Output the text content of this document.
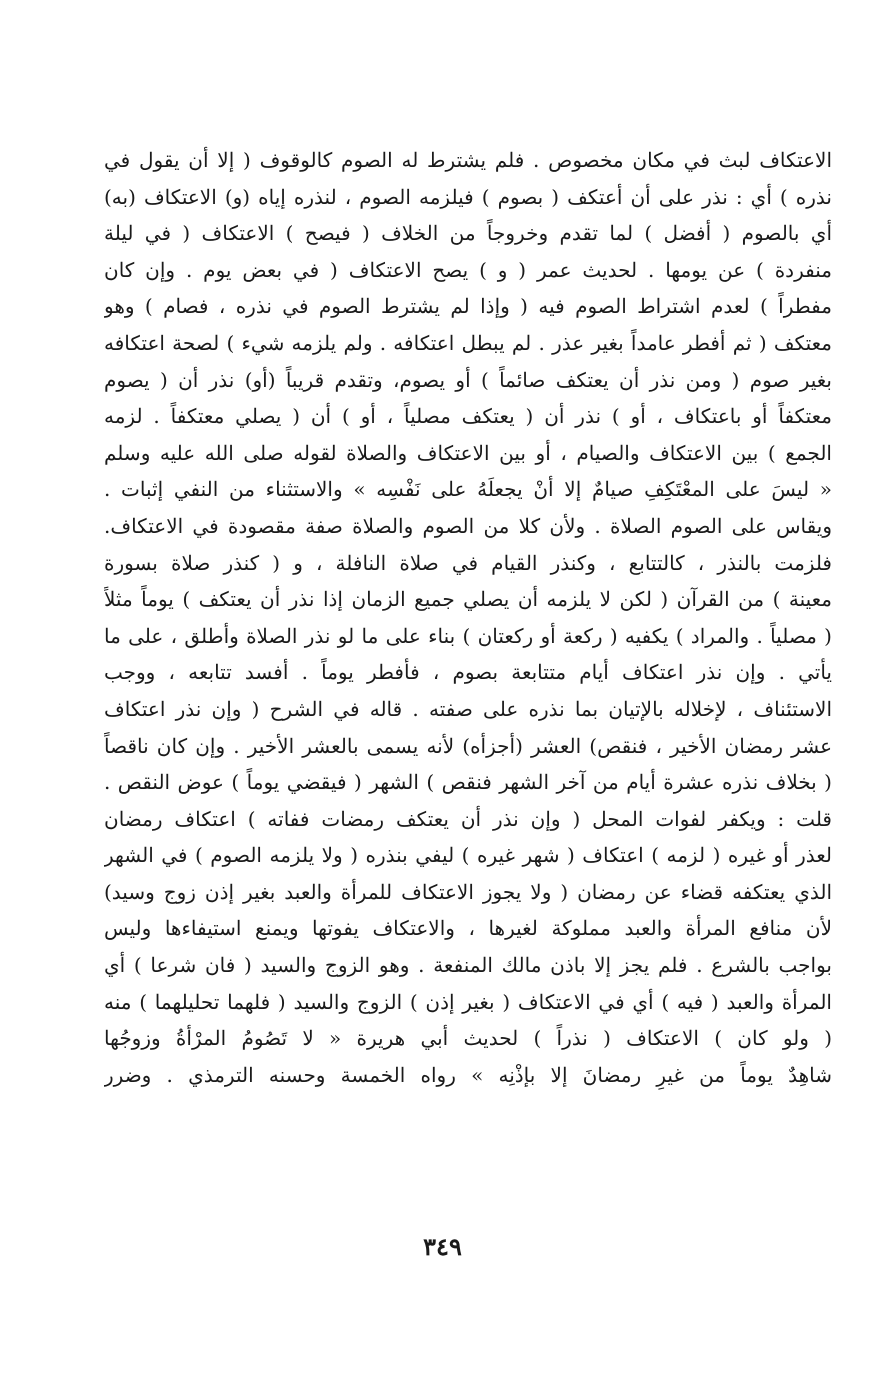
الاعتكاف لبث في مكان مخصوص . فلم يشترط له الصوم كالوقوف ( إلا أن يقول في
نذره ) أي : نذر على أن أعتكف ( بصوم ) فيلزمه الصوم ، لنذره إياه (و) الاعتكاف (به)
أي بالصوم ( أفضل ) لما تقدم وخروجاً من الخلاف ( فيصح ) الاعتكاف ( في ليلة
منفردة ) عن يومها . لحديث عمر ( و ) يصح الاعتكاف ( في بعض يوم . وإن كان
مفطراً ) لعدم اشتراط الصوم فيه ( وإذا لم يشترط الصوم في نذره ، فصام ) وهو
معتكف ( ثم أفطر عامداً بغير عذر . لم يبطل اعتكافه . ولم يلزمه شيء ) لصحة اعتكافه
بغير صوم ( ومن نذر أن يعتكف صائماً ) أو يصوم، وتقدم قريباً (أو) نذر أن ( يصوم
معتكفاً أو باعتكاف ، أو ) نذر أن ( يعتكف مصلياً ، أو ) أن ( يصلي معتكفاً . لزمه
الجمع ) بين الاعتكاف والصيام ، أو بين الاعتكاف والصلاة لقوله صلى الله عليه وسلم
« ليسَ على المعْتَكِفِ صيامٌ إلا أنْ يجعلَهُ على نَفْسِه » والاستثناء من النفي إثبات .
ويقاس على الصوم الصلاة . ولأن كلا من الصوم والصلاة صفة مقصودة في الاعتكاف.
فلزمت بالنذر ، كالتتابع ، وكنذر القيام في صلاة النافلة ، و ( كنذر صلاة بسورة
معينة ) من القرآن ( لكن لا يلزمه أن يصلي جميع الزمان إذا نذر أن يعتكف ) يوماً مثلاً
( مصلياً . والمراد ) يكفيه ( ركعة أو ركعتان ) بناء على ما لو نذر الصلاة وأطلق ، على ما
يأتي . وإن نذر اعتكاف أيام متتابعة بصوم ، فأفطر يوماً . أفسد تتابعه ، ووجب
الاستئناف ، لإخلاله بالإتيان بما نذره على صفته . قاله في الشرح ( وإن نذر اعتكاف
عشر رمضان الأخير ، فنقص) العشر (أجزأه) لأنه يسمى بالعشر الأخير . وإن كان ناقصاً
( بخلاف نذره عشرة أيام من آخر الشهر فنقص ) الشهر ( فيقضي يوماً ) عوض النقص .
قلت : ويكفر لفوات المحل ( وإن نذر أن يعتكف رمضات ففاته ) اعتكاف رمضان
لعذر أو غيره ( لزمه ) اعتكاف ( شهر غيره ) ليفي بنذره ( ولا يلزمه الصوم ) في الشهر
الذي يعتكفه قضاء عن رمضان ( ولا يجوز الاعتكاف للمرأة والعبد بغير إذن زوج وسيد)
لأن منافع المرأة والعبد مملوكة لغيرها ، والاعتكاف يفوتها ويمنع استيفاءها وليس
بواجب بالشرع . فلم يجز إلا باذن مالك المنفعة . وهو الزوج والسيد ( فان شرعا ) أي
المرأة والعبد ( فيه ) أي في الاعتكاف ( بغير إذن ) الزوج والسيد ( فلهما تحليلهما ) منه
( ولو كان ) الاعتكاف ( نذراً ) لحديث أبي هريرة « لا تَصُومُ المرْأةُ وزوجُها
شاهِدٌ يوماً من غيرِ رمضانَ إلا بإذْنِه » رواه الخمسة وحسنه الترمذي . وضرر
٣٤٩
